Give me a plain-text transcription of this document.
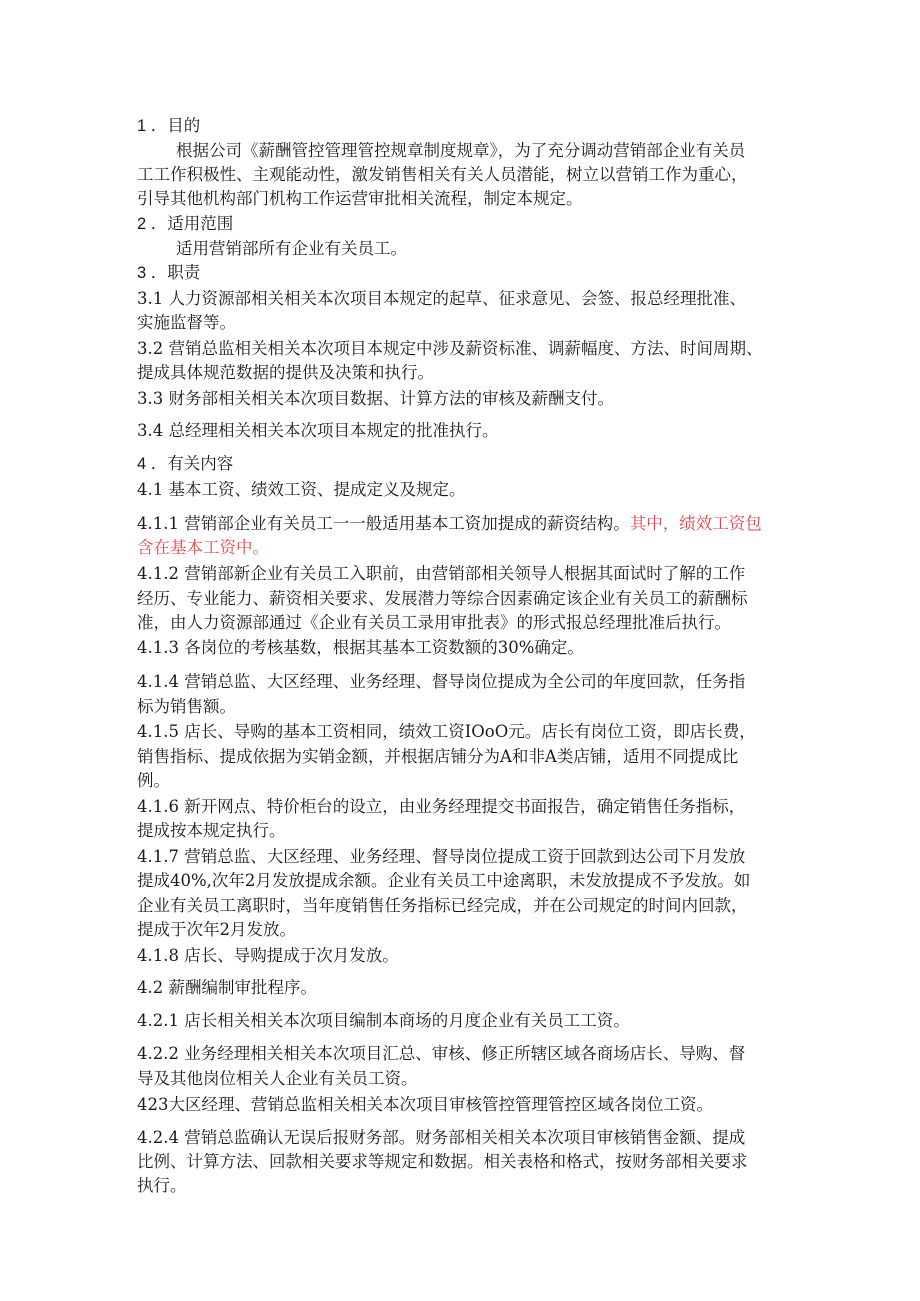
1 ．目的
根据公司《薪酬管控管理管控规章制度规章》，为了充分调动营销部企业有关员
工工作积极性、主观能动性，激发销售相关有关人员潜能，树立以营销工作为重心，
引导其他机构部门机构工作运营审批相关流程，制定本规定。
2 ．适用范围
适用营销部所有企业有关员工。
3 ．职责
3.1 人力资源部相关相关本次项目本规定的起草、征求意见、会签、报总经理批准、
实施监督等。
3.2 营销总监相关相关本次项目本规定中涉及薪资标准、调薪幅度、方法、时间周期、
提成具体规范数据的提供及决策和执行。
3.3 财务部相关相关本次项目数据、计算方法的审核及薪酬支付。
3.4 总经理相关相关本次项目本规定的批准执行。
4 ．有关内容
4.1 基本工资、绩效工资、提成定义及规定。
4.1.1 营销部企业有关员工一一般适用基本工资加提成的薪资结构。其中，绩效工资包
含在基本工资中。
4.1.2 营销部新企业有关员工入职前，由营销部相关领导人根据其面试时了解的工作
经历、专业能力、薪资相关要求、发展潜力等综合因素确定该企业有关员工的薪酬标
准，由人力资源部通过《企业有关员工录用审批表》的形式报总经理批准后执行。
4.1.3 各岗位的考核基数，根据其基本工资数额的30%确定。
4.1.4 营销总监、大区经理、业务经理、督导岗位提成为全公司的年度回款，任务指
标为销售额。
4.1.5 店长、导购的基本工资相同，绩效工资IOoO元。店长有岗位工资，即店长费，
销售指标、提成依据为实销金额，并根据店铺分为A和非A类店铺，适用不同提成比
例。
4.1.6 新开网点、特价柜台的设立，由业务经理提交书面报告，确定销售任务指标，
提成按本规定执行。
4.1.7 营销总监、大区经理、业务经理、督导岗位提成工资于回款到达公司下月发放
提成40%,次年2月发放提成余额。企业有关员工中途离职，未发放提成不予发放。如
企业有关员工离职时，当年度销售任务指标已经完成，并在公司规定的时间内回款，
提成于次年2月发放。
4.1.8 店长、导购提成于次月发放。
4.2 薪酬编制审批程序。
4.2.1 店长相关相关本次项目编制本商场的月度企业有关员工工资。
4.2.2 业务经理相关相关本次项目汇总、审核、修正所辖区域各商场店长、导购、督
导及其他岗位相关人企业有关员工资。
423大区经理、营销总监相关相关本次项目审核管控管理管控区域各岗位工资。
4.2.4 营销总监确认无误后报财务部。财务部相关相关本次项目审核销售金额、提成
比例、计算方法、回款相关要求等规定和数据。相关表格和格式，按财务部相关要求
执行。
